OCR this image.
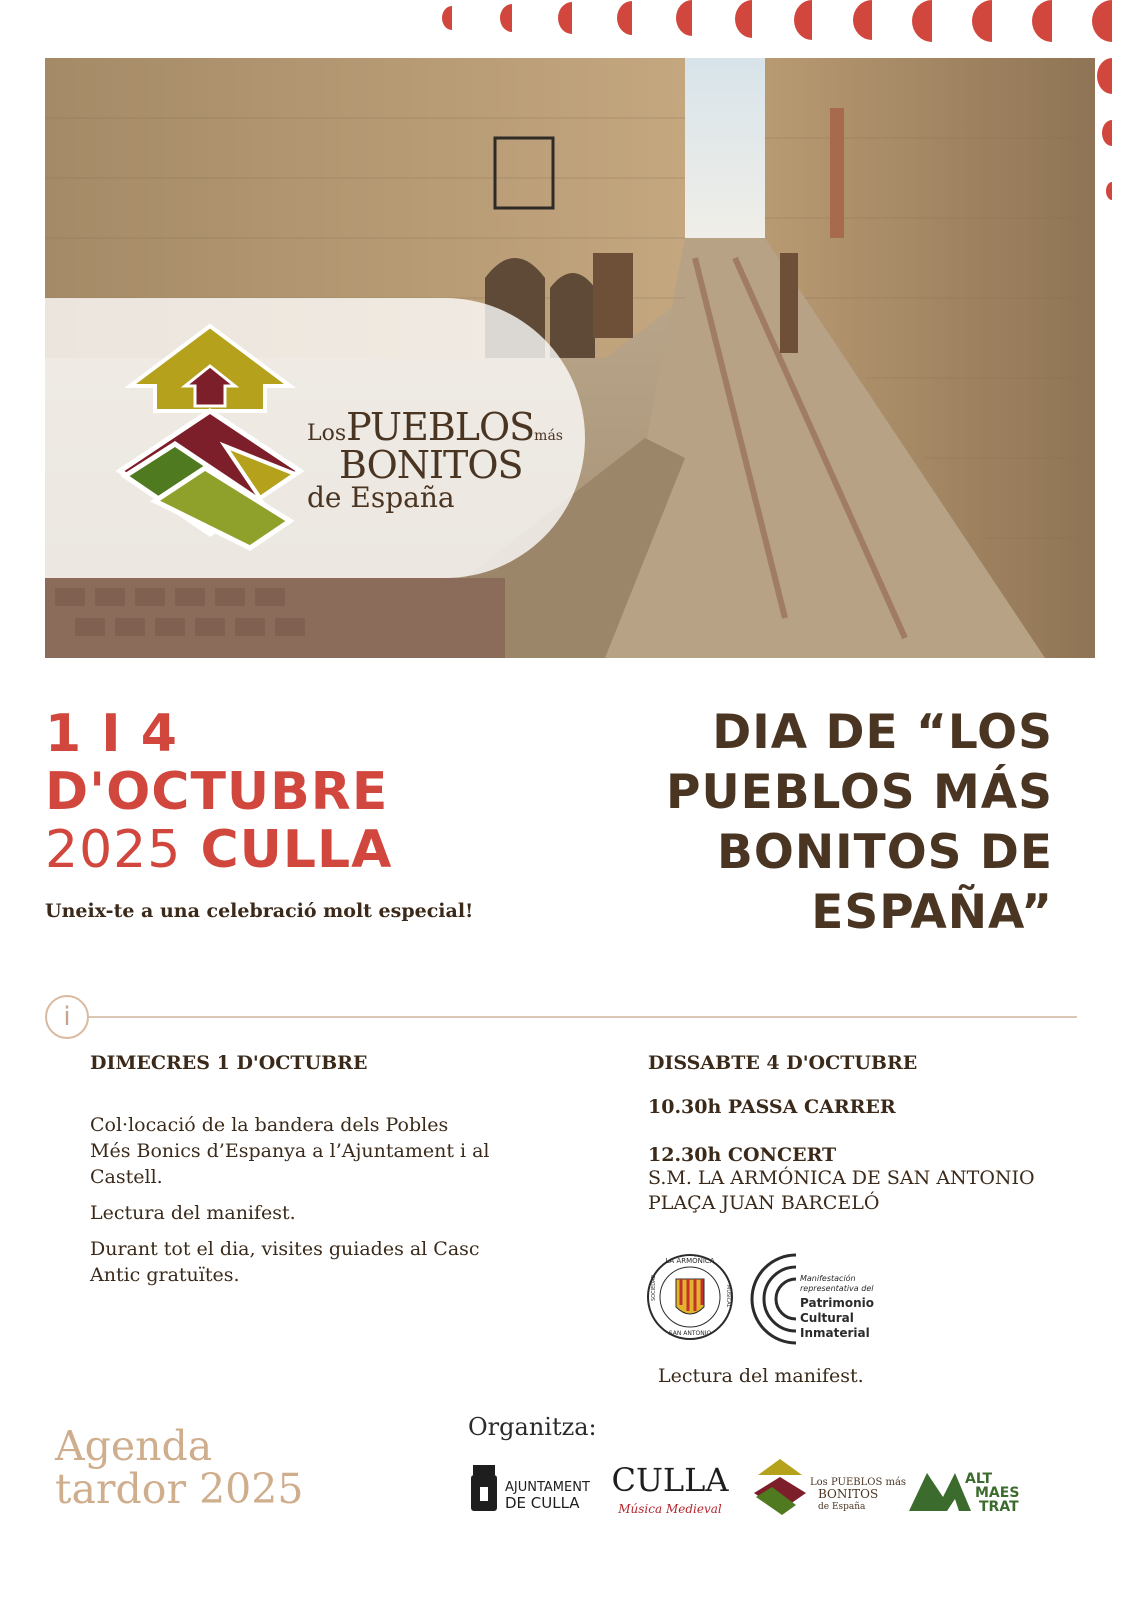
LosPUEBLOSmás
BONITOS
de España
1 I 4
D'OCTUBRE
2025 CULLA
Uneix-te a una celebració molt especial!
DIA DE “LOS
PUEBLOS MÁS
BONITOS DE
ESPAÑA”
i
DIMECRES 1 D'OCTUBRE
Col·locació de la bandera dels Pobles Més Bonics d’Espanya a l’Ajuntament i al Castell.
Lectura del manifest.
Durant tot el dia, visites guiades al Casc Antic gratuïtes.
DISSABTE 4 D'OCTUBRE
10.30h PASSA CARRER
12.30h CONCERT
S.M. LA ARMÓNICA DE SAN ANTONIO
PLAÇA JUAN BARCELÓ
LA ARMÓNICA
SOCIEDAD	MUSICAL
SAN ANTONIO
Manifestación
representativa del
Patrimonio
Cultural
Inmaterial
Lectura del manifest.
Agenda
tardor 2025
Organitza:
AJUNTAMENT
DE CULLA
CULLA
Música Medieval
Los PUEBLOS más
BONITOS
de España
ALT
MAES
TRAT
